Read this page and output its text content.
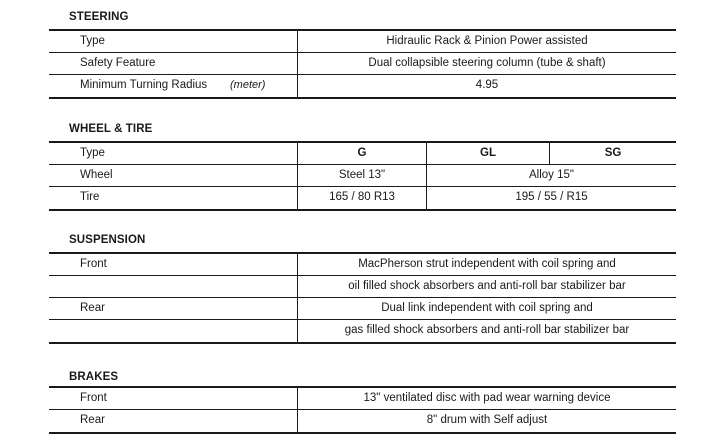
STEERING
Type	Hidraulic Rack & Pinion Power assisted
Safety Feature	Dual collapsible steering column (tube & shaft)
Minimum Turning Radius (meter)	4.95
WHEEL & TIRE
Type	G	GL	SG
Wheel	Steel 13"	Alloy 15"
Tire	165 / 80 R13	195 / 55 / R15
SUSPENSION
Front	MacPherson strut independent with coil spring and
oil filled shock absorbers and anti-roll bar stabilizer bar
Rear	Dual link independent with coil spring and
gas filled shock absorbers and anti-roll bar stabilizer bar
BRAKES
Front	13" ventilated disc with pad wear warning device
Rear	8" drum with Self adjust
